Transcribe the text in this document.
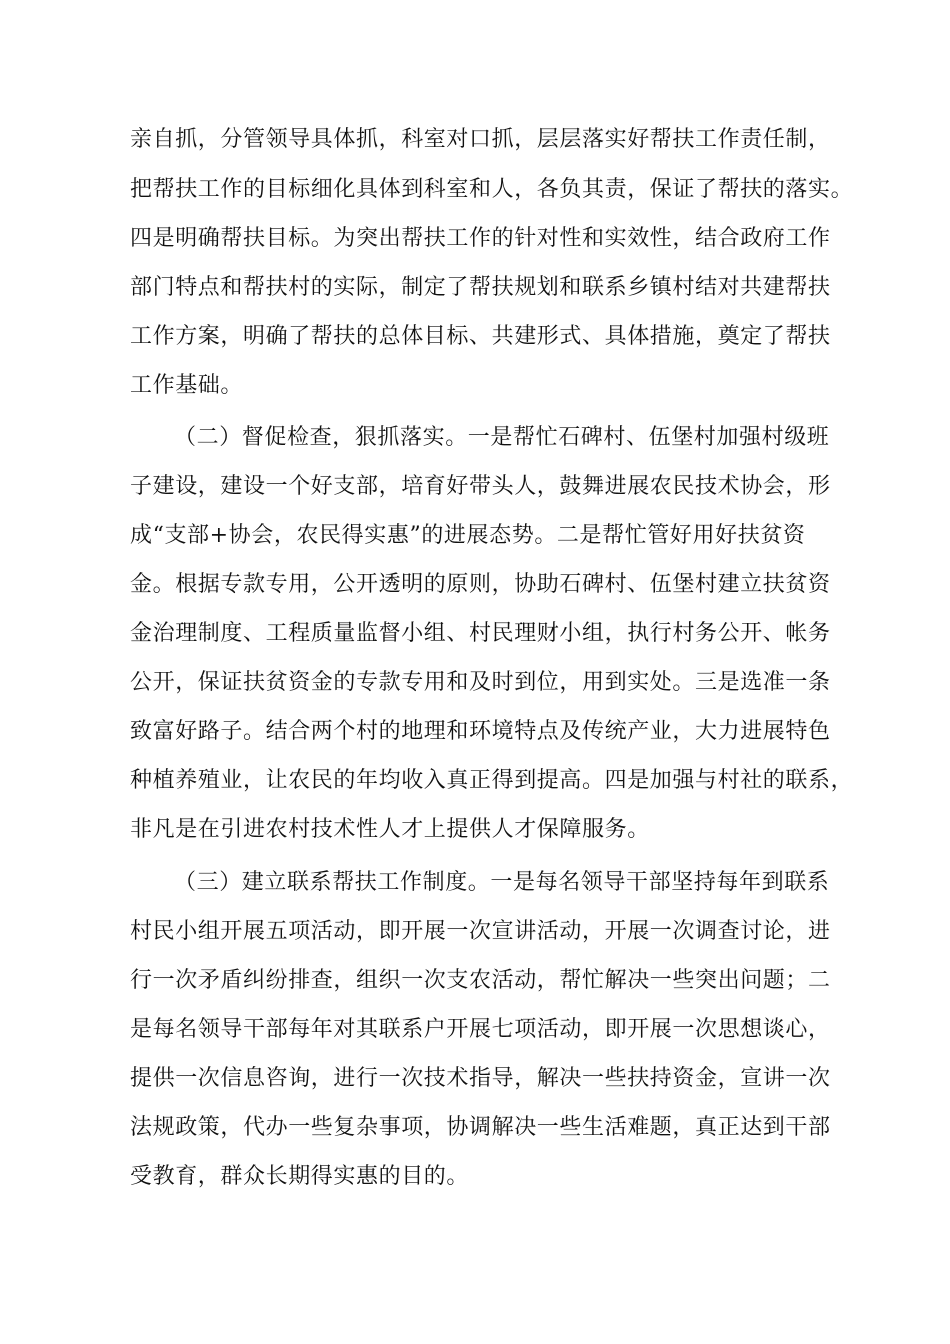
亲自抓，分管领导具体抓，科室对口抓，层层落实好帮扶工作责任制，
把帮扶工作的目标细化具体到科室和人，各负其责，保证了帮扶的落实。
四是明确帮扶目标。为突出帮扶工作的针对性和实效性，结合政府工作
部门特点和帮扶村的实际，制定了帮扶规划和联系乡镇村结对共建帮扶
工作方案，明确了帮扶的总体目标、共建形式、具体措施，奠定了帮扶
工作基础。
（二）督促检查，狠抓落实。一是帮忙石碑村、伍堡村加强村级班
子建设，建设一个好支部，培育好带头人，鼓舞进展农民技术协会，形
成“支部+协会，农民得实惠”的进展态势。二是帮忙管好用好扶贫资
金。根据专款专用，公开透明的原则，协助石碑村、伍堡村建立扶贫资
金治理制度、工程质量监督小组、村民理财小组，执行村务公开、帐务
公开，保证扶贫资金的专款专用和及时到位，用到实处。三是选准一条
致富好路子。结合两个村的地理和环境特点及传统产业，大力进展特色
种植养殖业，让农民的年均收入真正得到提高。四是加强与村社的联系，
非凡是在引进农村技术性人才上提供人才保障服务。
（三）建立联系帮扶工作制度。一是每名领导干部坚持每年到联系
村民小组开展五项活动，即开展一次宣讲活动，开展一次调查讨论，进
行一次矛盾纠纷排查，组织一次支农活动，帮忙解决一些突出问题；二
是每名领导干部每年对其联系户开展七项活动，即开展一次思想谈心，
提供一次信息咨询，进行一次技术指导，解决一些扶持资金，宣讲一次
法规政策，代办一些复杂事项，协调解决一些生活难题，真正达到干部
受教育，群众长期得实惠的目的。
